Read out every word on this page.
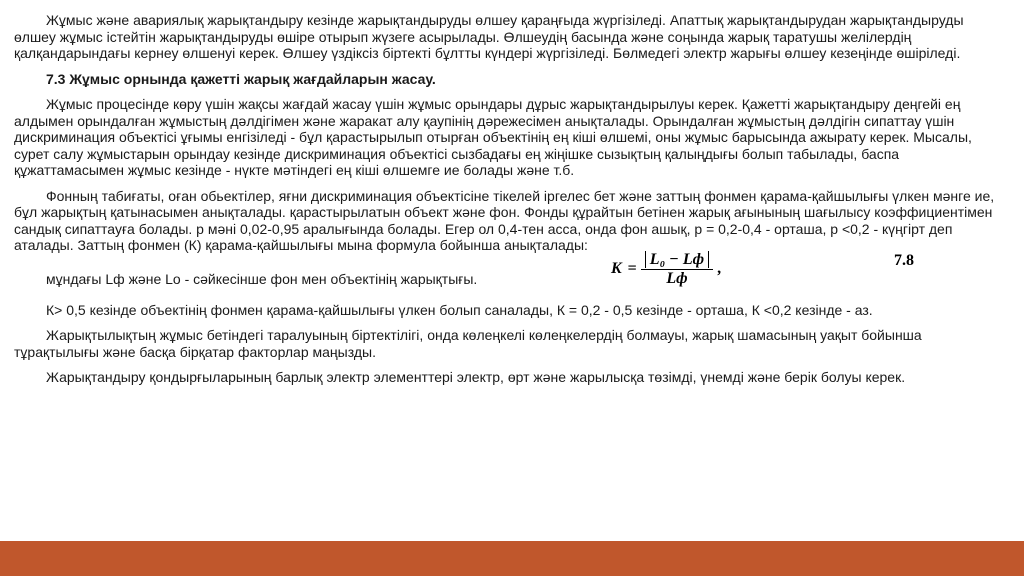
Жұмыс және авариялық жарықтандыру кезінде жарықтандыруды өлшеу қараңғыда жүргізіледі. Апаттық жарықтандырудан жарықтандыруды өлшеу жұмыс істейтін жарықтандыруды өшіре отырып жүзеге асырылады. Өлшеудің басында және соңында жарық таратушы желілердің қалқандарындағы кернеу өлшенуі керек. Өлшеу үздіксіз біртекті бұлтты күндері жүргізіледі. Бөлмедегі электр жарығы өлшеу кезеңінде өшіріледі.

7.3 Жұмыс орнында қажетті жарық жағдайларын жасау.

Жұмыс процесінде көру үшін жақсы жағдай жасау үшін жұмыс орындары дұрыс жарықтандырылуы керек. Қажетті жарықтандыру деңгейі ең алдымен орындалған жұмыстың дәлдігімен және жаракат алу қаупінің дәрежесімен анықталады. Орындалған жұмыстың дәлдігін сипаттау үшін дискриминация объектісі ұғымы енгізіледі - бұл қарастырылып отырған объектінің ең кіші өлшемі, оны жұмыс барысында ажырату керек. Мысалы, сурет салу жұмыстарын орындау кезінде дискриминация объектісі сызбадағы ең жіңішке сызықтың қалыңдығы болып табылады, баспа құжаттамасымен жұмыс кезінде - нүкте мәтіндегі ең кіші өлшемге ие болады және т.б.

Фонның табиғаты, оған обьектілер, яғни дискриминация объектісіне тікелей іргелес бет және заттың фонмен қарама-қайшылығы үлкен мәнге ие, бұл жарықтың қатынасымен анықталады. қарастырылатын объект және фон. Фонды құрайтын бетінен жарық ағынының шағылысу коэффициентімен сандық сипаттауға болады. р мәні 0,02-0,95 аралығында болады. Егер ол 0,4-тен асса, онда фон ашық, р = 0,2-0,4 - орташа, р <0,2 - күңгірт деп аталады. Заттың фонмен (К) қарама-қайшылығы мына формула бойынша анықталады:

мұндағы Lф және Lо - сәйкесінше фон мен объектінің жарықтығы.
$K = \frac{\text{L₀ − Lф}}{Lф}$ ,
7.8

К> 0,5 кезінде объектінің фонмен қарама-қайшылығы үлкен болып саналады, К = 0,2 - 0,5 кезінде - орташа, К <0,2 кезінде - аз.

Жарықтылықтың жұмыс бетіндегі таралуының біртектілігі, онда көлеңкелі көлеңкелердің болмауы, жарық шамасының уақыт бойынша тұрақтылығы және басқа бірқатар факторлар маңызды.

Жарықтандыру қондырғыларының барлық электр элементтері электр, өрт және жарылысқа төзімді, үнемді және берік болуы керек.
